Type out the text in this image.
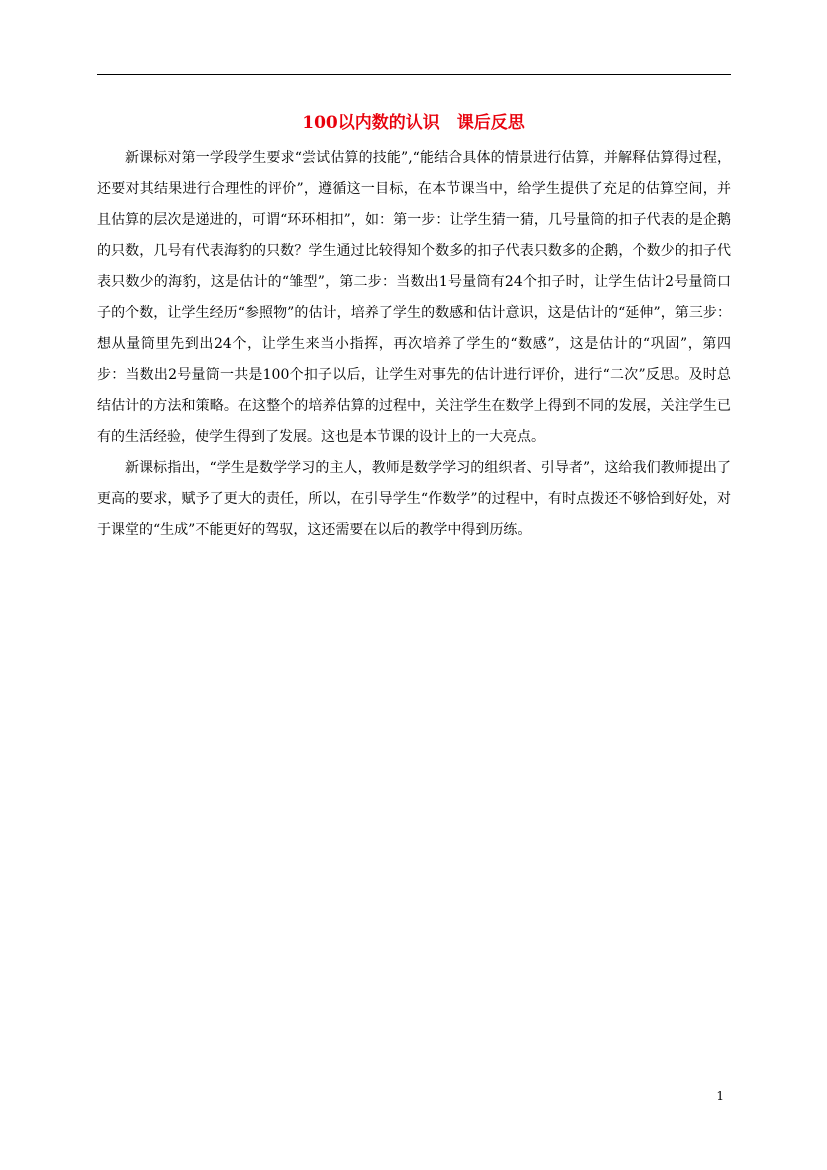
100以内数的认识　课后反思

新课标对第一学段学生要求“尝试估算的技能”,“能结合具体的情景进行估算，并解释估算得过程，还要对其结果进行合理性的评价”，遵循这一目标，在本节课当中，给学生提供了充足的估算空间，并且估算的层次是递进的，可谓“环环相扣”，如：第一步：让学生猜一猜，几号量筒的扣子代表的是企鹅的只数，几号有代表海豹的只数？学生通过比较得知个数多的扣子代表只数多的企鹅，个数少的扣子代表只数少的海豹，这是估计的“雏型”，第二步：当数出1号量筒有24个扣子时，让学生估计2号量筒口子的个数，让学生经历“参照物”的估计，培养了学生的数感和估计意识，这是估计的“延伸”，第三步：想从量筒里先到出24个，让学生来当小指挥，再次培养了学生的“数感”，这是估计的“巩固”，第四步：当数出2号量筒一共是100个扣子以后，让学生对事先的估计进行评价，进行“二次”反思。及时总结估计的方法和策略。在这整个的培养估算的过程中，关注学生在数学上得到不同的发展，关注学生已有的生活经验，使学生得到了发展。这也是本节课的设计上的一大亮点。

新课标指出，“学生是数学学习的主人，教师是数学学习的组织者、引导者”，这给我们教师提出了更高的要求，赋予了更大的责任，所以，在引导学生“作数学”的过程中，有时点拨还不够恰到好处，对于课堂的“生成”不能更好的驾驭，这还需要在以后的教学中得到历练。

1
